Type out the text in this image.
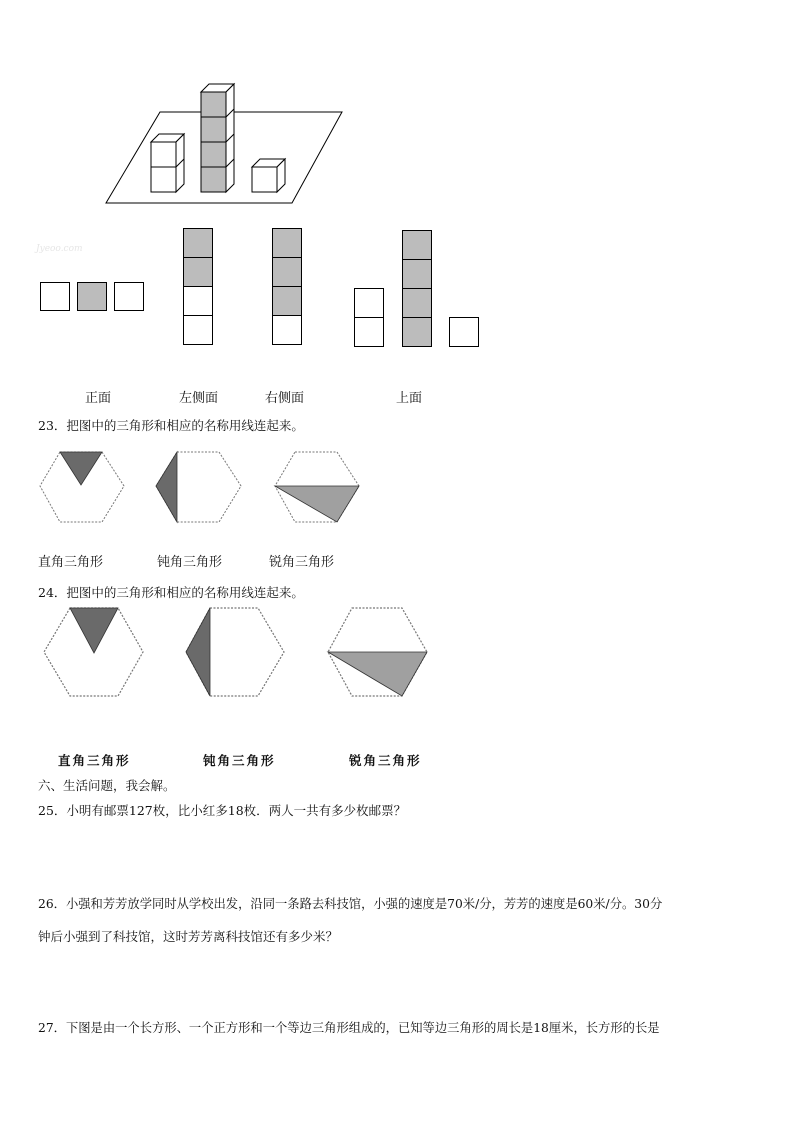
Jyeoo.com
正面	左侧面	右侧面	上面
23．把图中的三角形和相应的名称用线连起来。
直角三角形	钝角三角形	锐角三角形
24．把图中的三角形和相应的名称用线连起来。
直角三角形	钝角三角形	锐角三角形
六、生活问题，我会解。
25．小明有邮票127枚，比小红多18枚．两人一共有多少枚邮票？
26．小强和芳芳放学同时从学校出发，沿同一条路去科技馆，小强的速度是70米/分，芳芳的速度是60米/分。30分
钟后小强到了科技馆，这时芳芳离科技馆还有多少米？
27．下图是由一个长方形、一个正方形和一个等边三角形组成的，已知等边三角形的周长是18厘米，长方形的长是
